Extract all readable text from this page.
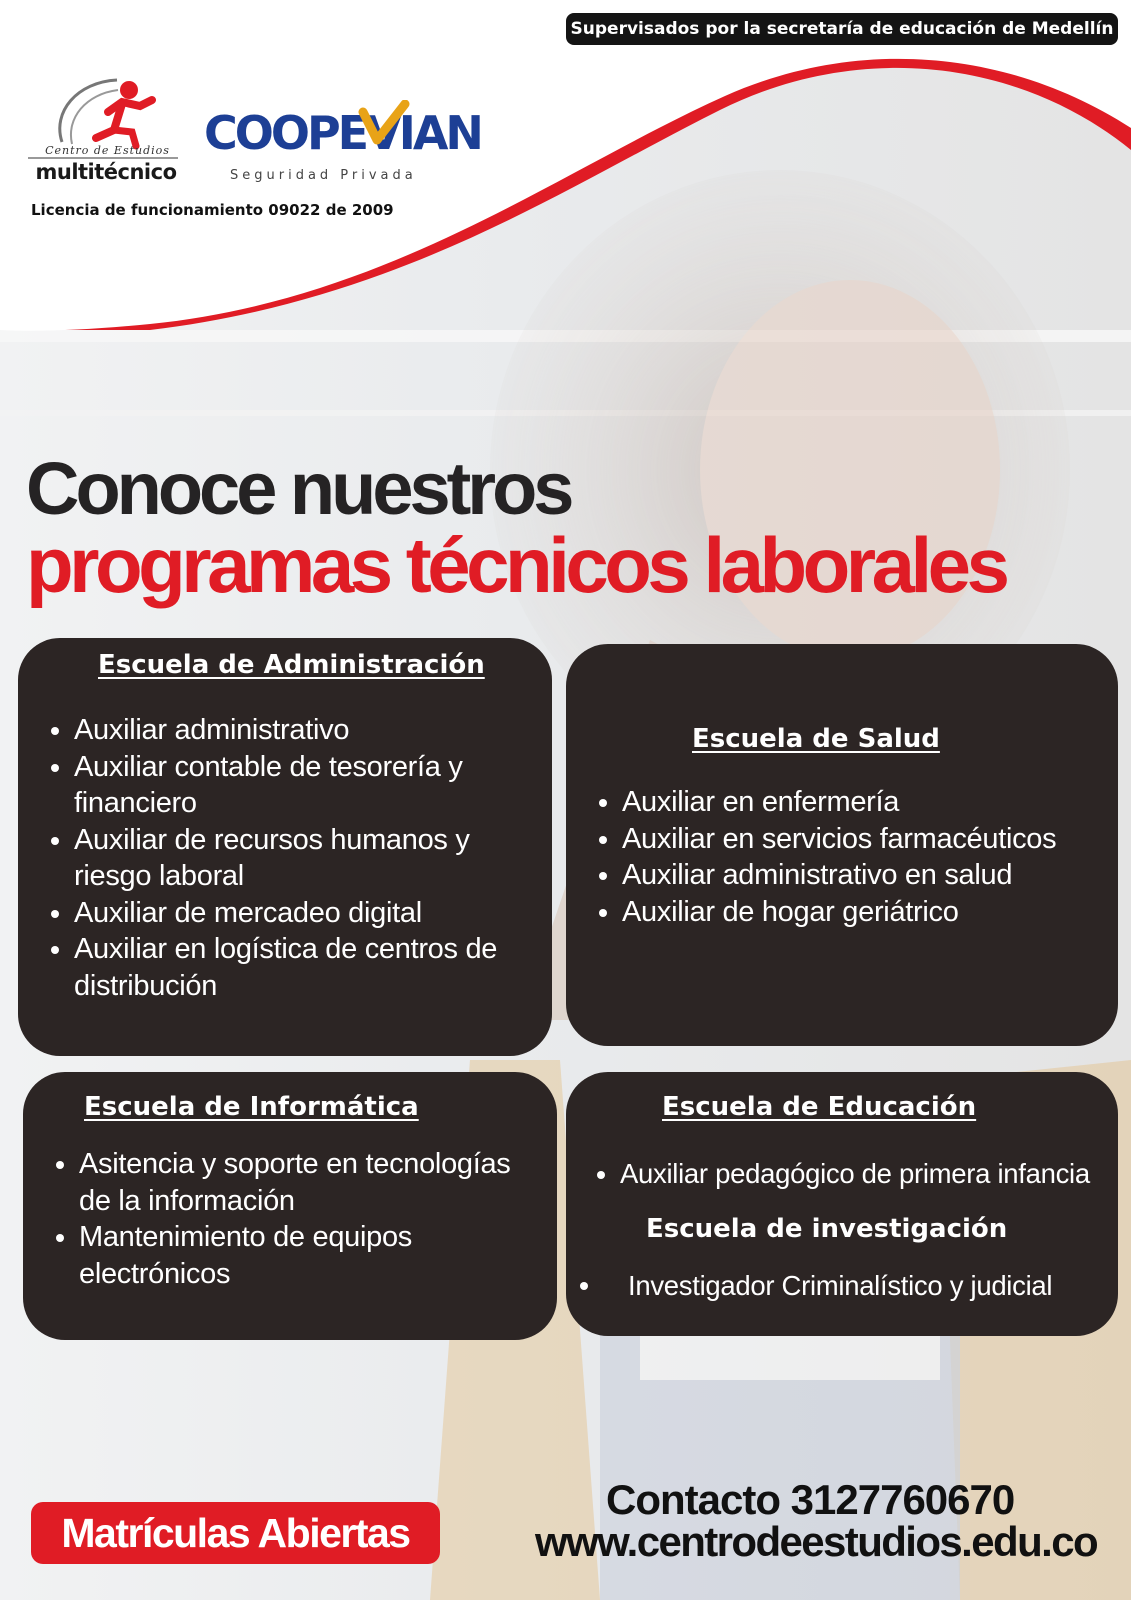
Supervisados por la secretaría de educación de Medellín
Centro de Estudios
multitécnico
COOPEVIAN
Seguridad Privada
Licencia de funcionamiento 09022 de 2009
Conoce nuestros
programas técnicos laborales
Escuela de Administración
• Auxiliar administrativo
• Auxiliar contable de tesorería y financiero
• Auxiliar de recursos humanos y riesgo laboral
• Auxiliar de mercadeo digital
• Auxiliar en logística de centros de distribución
Escuela de Salud
• Auxiliar en enfermería
• Auxiliar en servicios farmacéuticos
• Auxiliar administrativo en salud
• Auxiliar de hogar geriátrico
Escuela de Informática
• Asitencia y soporte en tecnologías de la información
• Mantenimiento de equipos electrónicos
Escuela de Educación
• Auxiliar pedagógico de primera infancia
Escuela de investigación
Investigador Criminalístico y judicial
Matrículas Abiertas
Contacto 3127760670
www.centrodeestudios.edu.co
